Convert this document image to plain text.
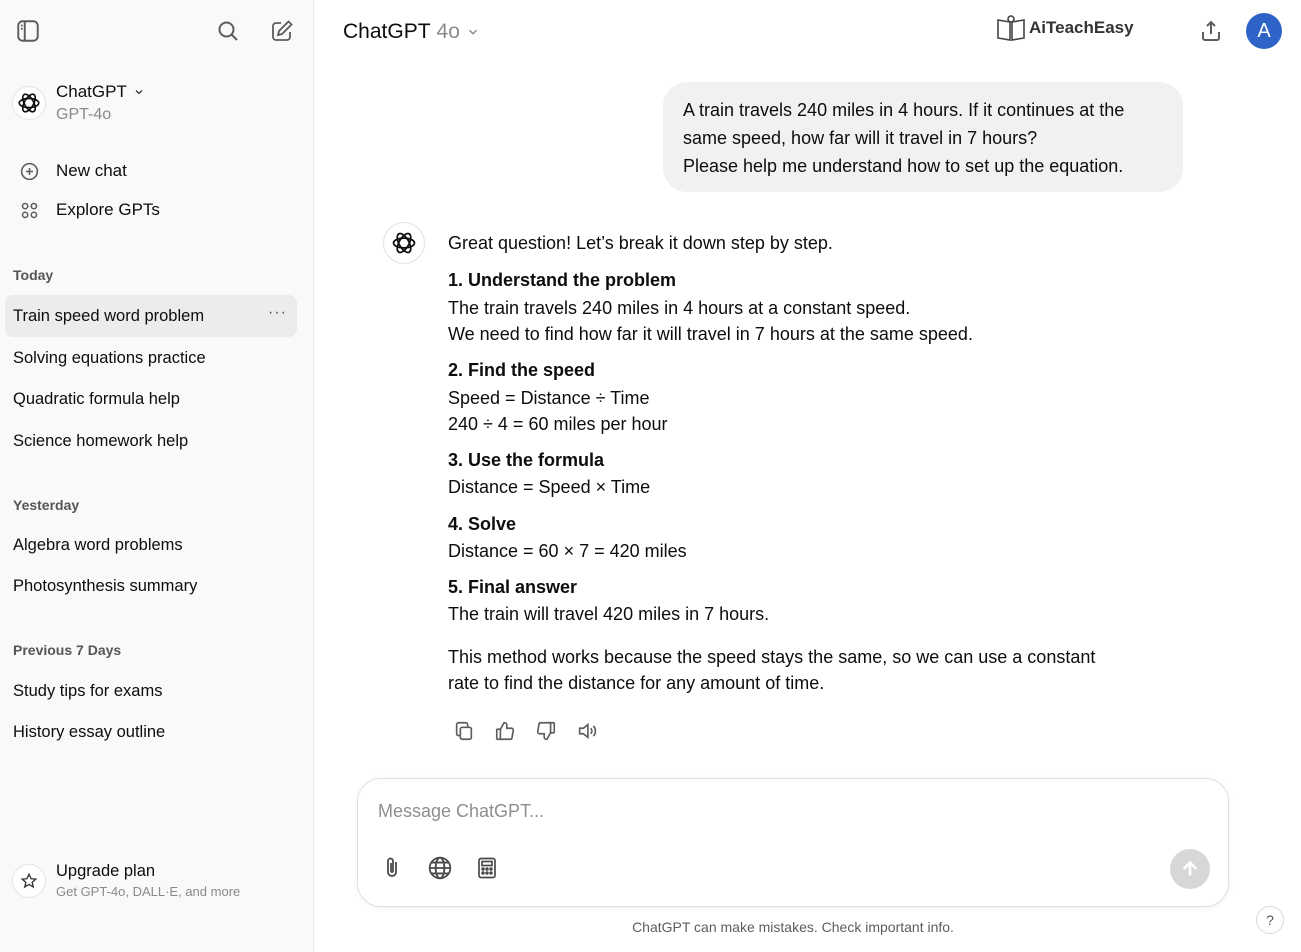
ChatGPT
GPT-4o
New chat
Explore GPTs
Today
Train speed word problem	···
Solving equations practice
Quadratic formula help
Science homework help
Yesterday
Algebra word problems
Photosynthesis summary
Previous 7 Days
Study tips for exams
History essay outline
Upgrade plan
Get GPT-4o, DALL·E, and more
ChatGPT 4o	AiTeachEasy	A
A train travels 240 miles in 4 hours. If it continues at the
same speed, how far will it travel in 7 hours?
Please help me understand how to set up the equation.
Great question! Let’s break it down step by step.
1. Understand the problem
The train travels 240 miles in 4 hours at a constant speed.
We need to find how far it will travel in 7 hours at the same speed.
2. Find the speed
Speed = Distance ÷ Time
240 ÷ 4 = 60 miles per hour
3. Use the formula
Distance = Speed × Time
4. Solve
Distance = 60 × 7 = 420 miles
5. Final answer
The train will travel 420 miles in 7 hours.
This method works because the speed stays the same, so we can use a constant
rate to find the distance for any amount of time.
Message ChatGPT...
ChatGPT can make mistakes. Check important info.	?
